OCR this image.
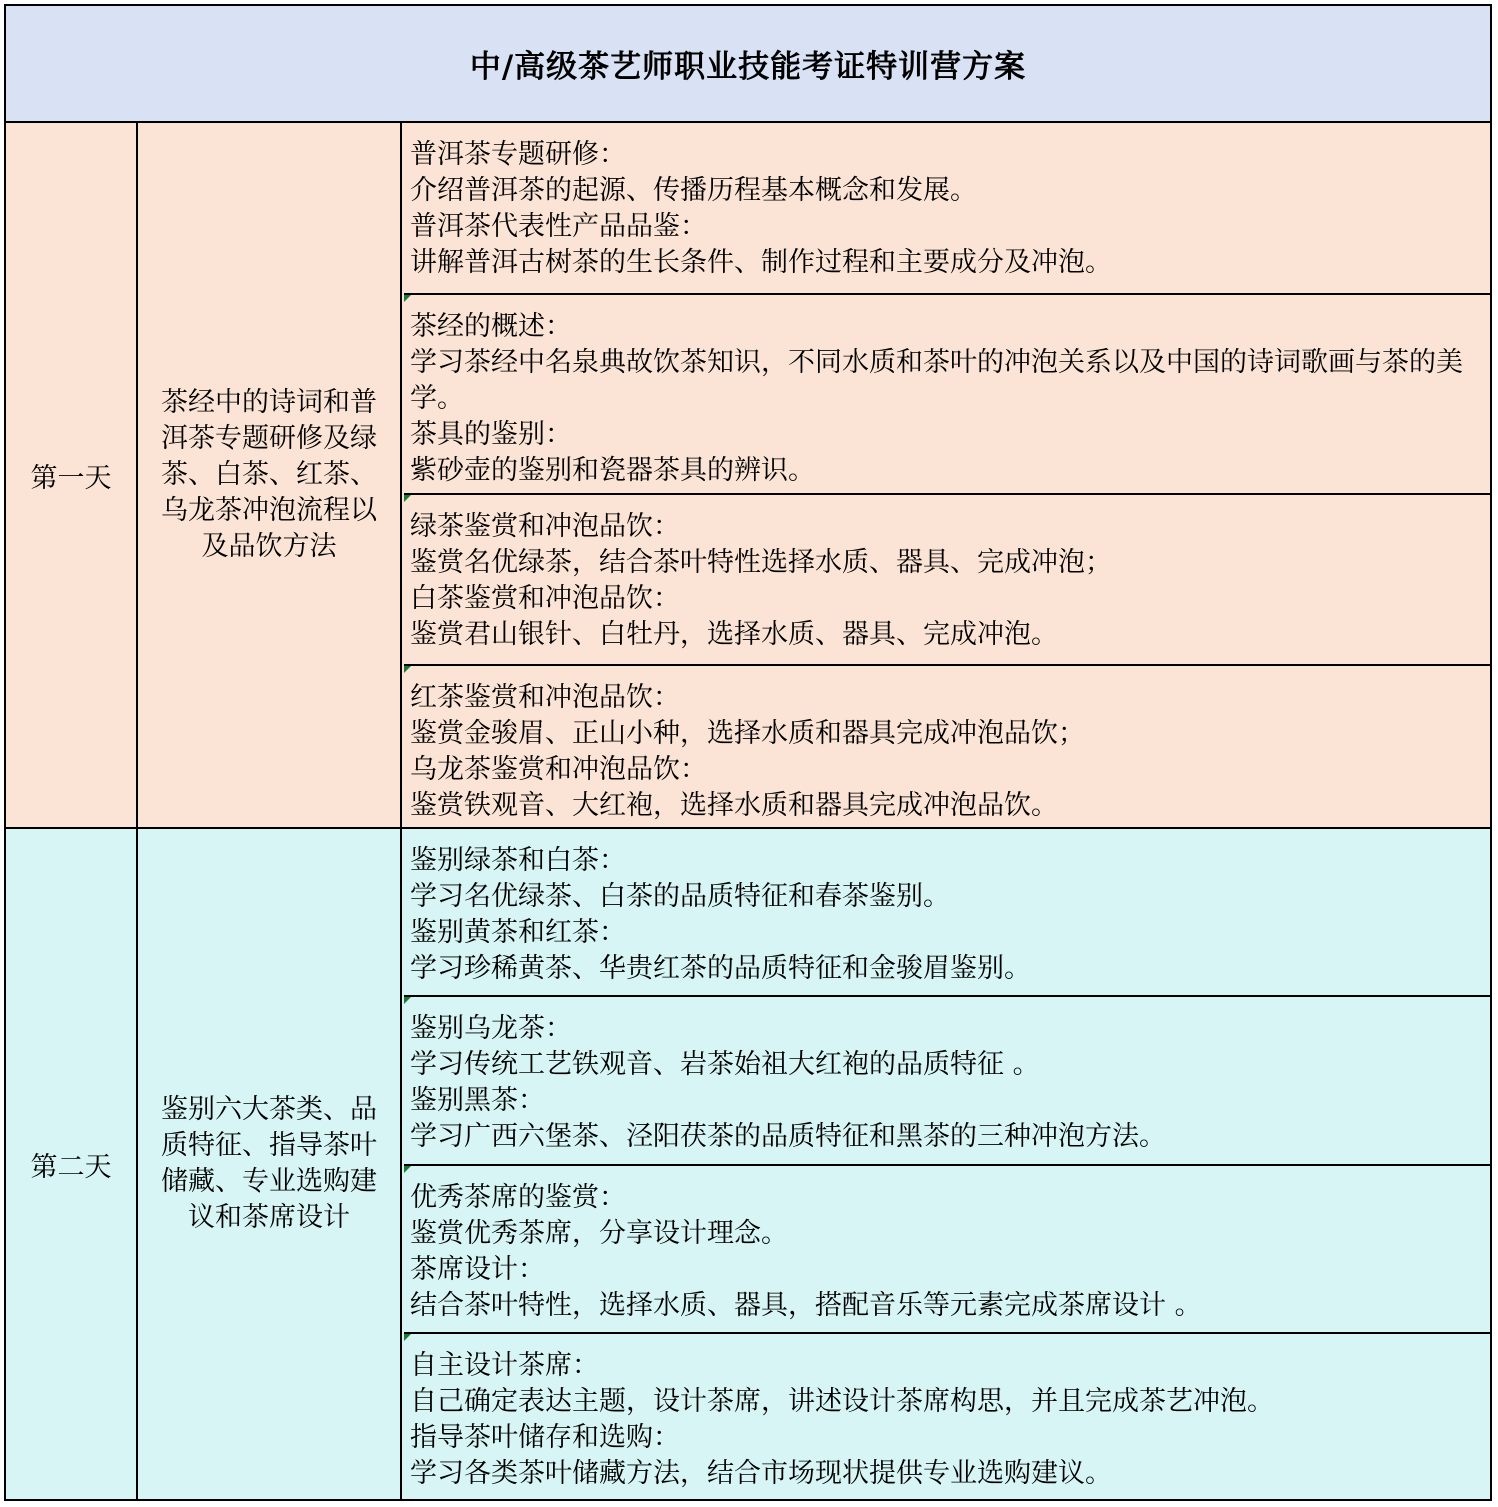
中/高级茶艺师职业技能考证特训营方案
第一天
茶经中的诗词和普洱茶专题研修及绿茶、白茶、红茶、乌龙茶冲泡流程以及品饮方法
普洱茶专题研修：
介绍普洱茶的起源、传播历程基本概念和发展。
普洱茶代表性产品品鉴：
讲解普洱古树茶的生长条件、制作过程和主要成分及冲泡。
茶经的概述：
学习茶经中名泉典故饮茶知识，不同水质和茶叶的冲泡关系以及中国的诗词歌画与茶的美学。
茶具的鉴别：
紫砂壶的鉴别和瓷器茶具的辨识。
绿茶鉴赏和冲泡品饮：
鉴赏名优绿茶，结合茶叶特性选择水质、器具、完成冲泡；
白茶鉴赏和冲泡品饮：
鉴赏君山银针、白牡丹，选择水质、器具、完成冲泡。
红茶鉴赏和冲泡品饮：
鉴赏金骏眉、正山小种，选择水质和器具完成冲泡品饮；
乌龙茶鉴赏和冲泡品饮：
鉴赏铁观音、大红袍，选择水质和器具完成冲泡品饮。
第二天
鉴别六大茶类、品质特征、指导茶叶储藏、专业选购建议和茶席设计
鉴别绿茶和白茶：
学习名优绿茶、白茶的品质特征和春茶鉴别。
鉴别黄茶和红茶：
学习珍稀黄茶、华贵红茶的品质特征和金骏眉鉴别。
鉴别乌龙茶：
学习传统工艺铁观音、岩茶始祖大红袍的品质特征 。
鉴别黑茶：
学习广西六堡茶、泾阳茯茶的品质特征和黑茶的三种冲泡方法。
优秀茶席的鉴赏：
鉴赏优秀茶席，分享设计理念。
茶席设计：
结合茶叶特性，选择水质、器具，搭配音乐等元素完成茶席设计 。
自主设计茶席：
自己确定表达主题，设计茶席，讲述设计茶席构思，并且完成茶艺冲泡。
指导茶叶储存和选购：
学习各类茶叶储藏方法，结合市场现状提供专业选购建议。
